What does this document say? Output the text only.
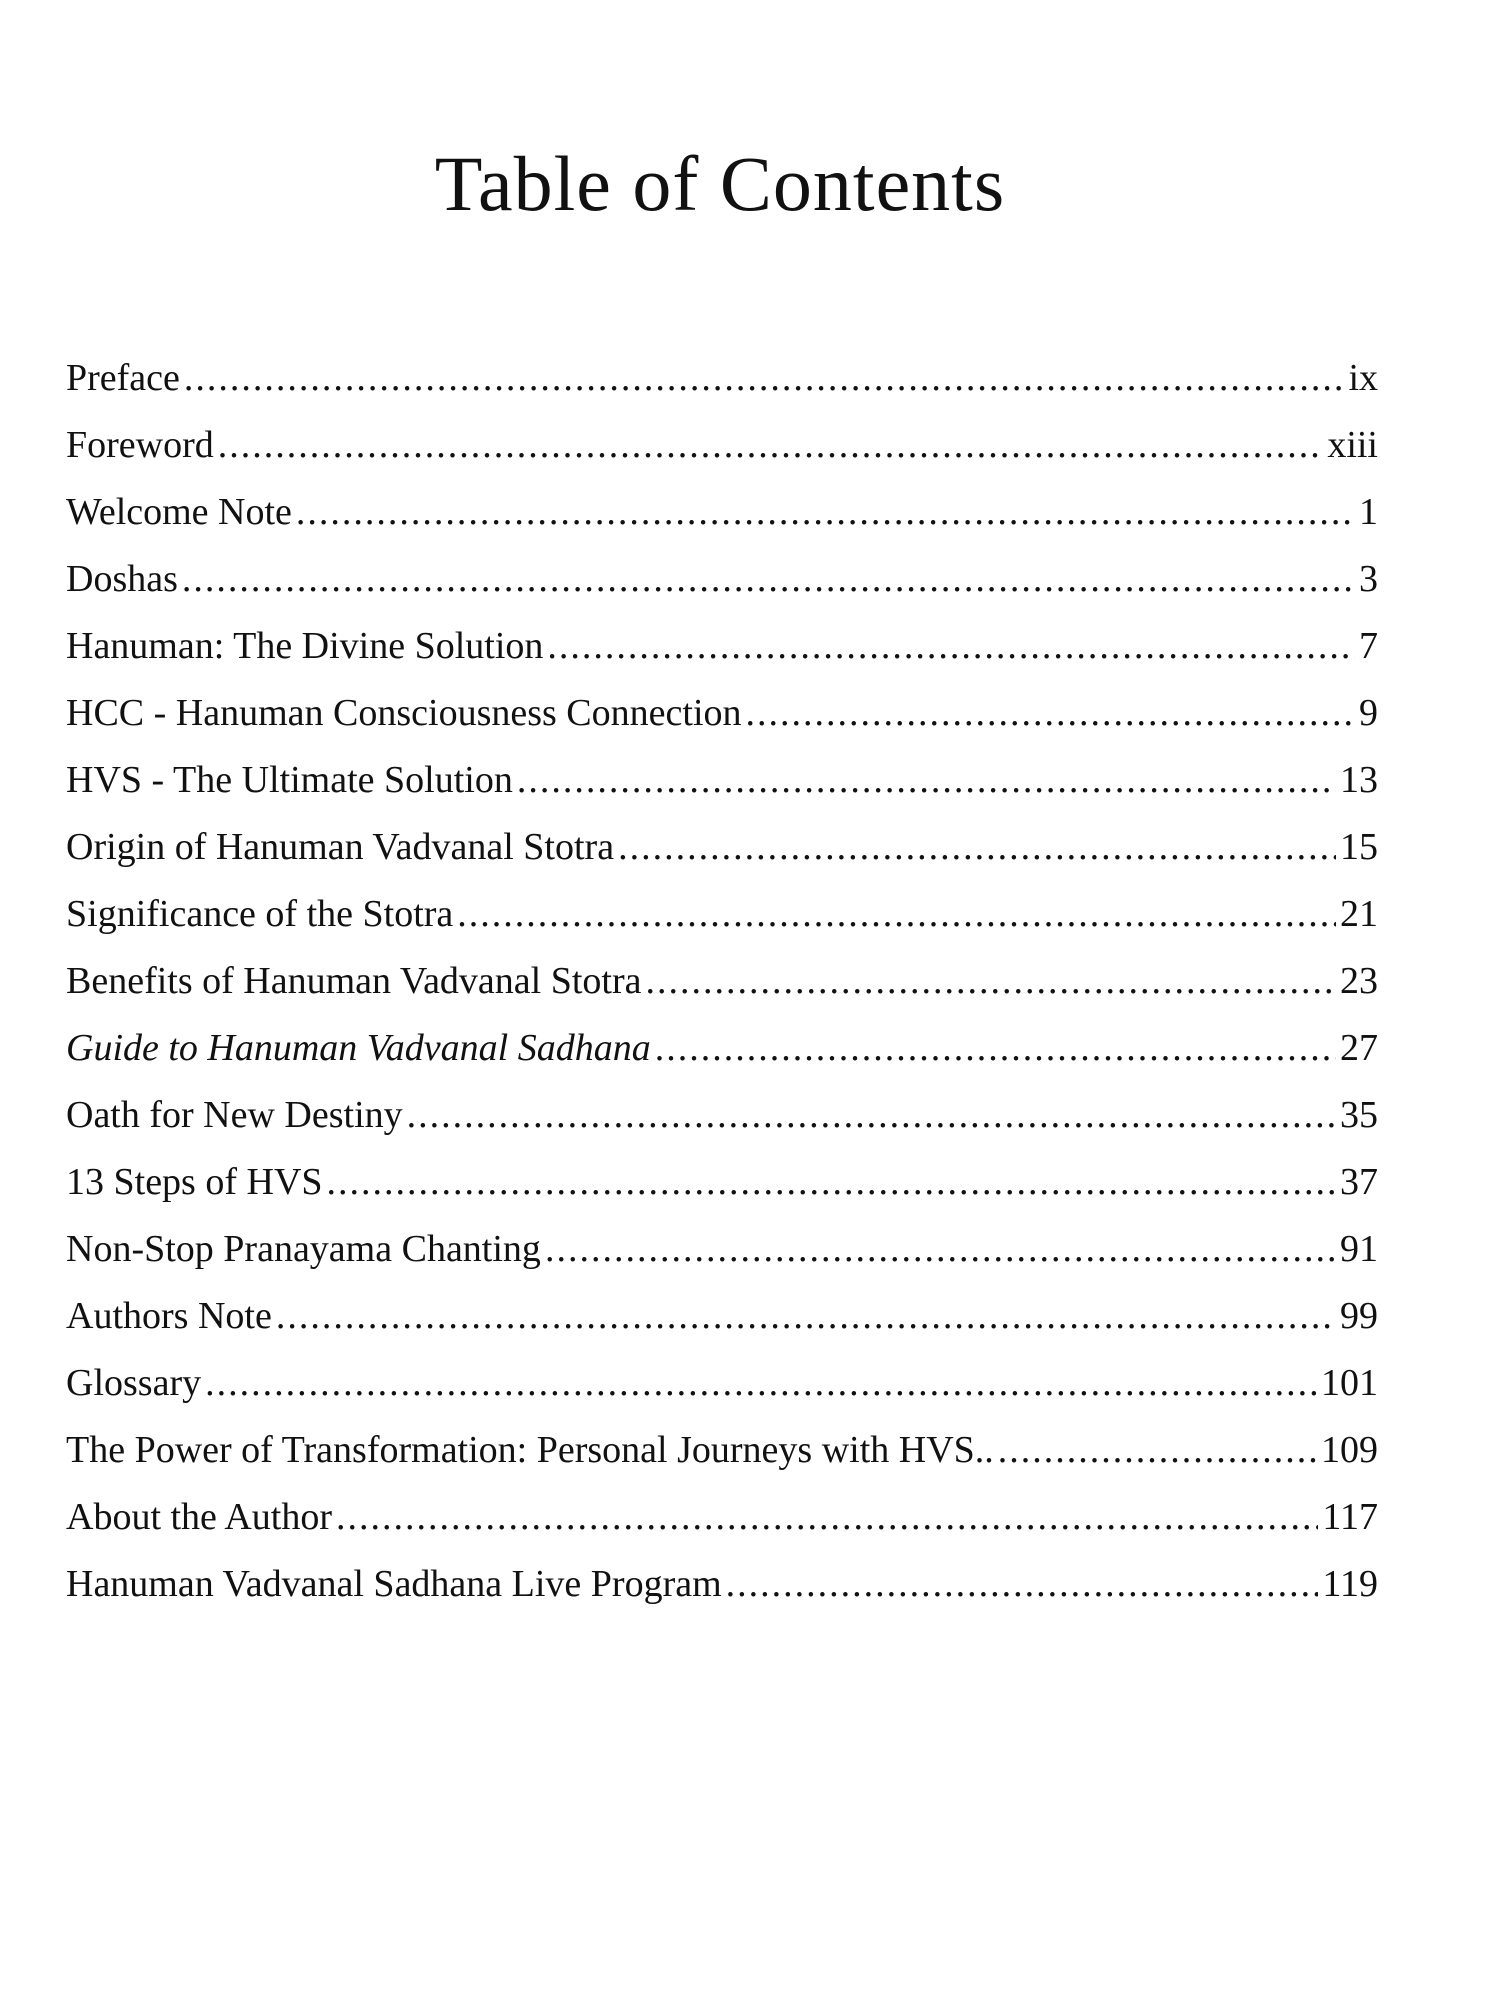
Table of Contents
Preface .....	ix
Foreword .....	xiii
Welcome Note .....	1
Doshas .....	3
Hanuman: The Divine Solution .....	7
HCC - Hanuman Consciousness Connection .....	9
HVS - The Ultimate Solution .....	13
Origin of Hanuman Vadvanal Stotra .....	15
Significance of the Stotra .....	21
Benefits of Hanuman Vadvanal Stotra .....	23
Guide to Hanuman Vadvanal Sadhana .....	27
Oath for New Destiny .....	35
13 Steps of HVS .....	37
Non-Stop Pranayama Chanting .....	91
Authors Note .....	99
Glossary .....	101
The Power of Transformation: Personal Journeys with HVS.. .....	109
About the Author .....	117
Hanuman Vadvanal Sadhana Live Program .....	119
